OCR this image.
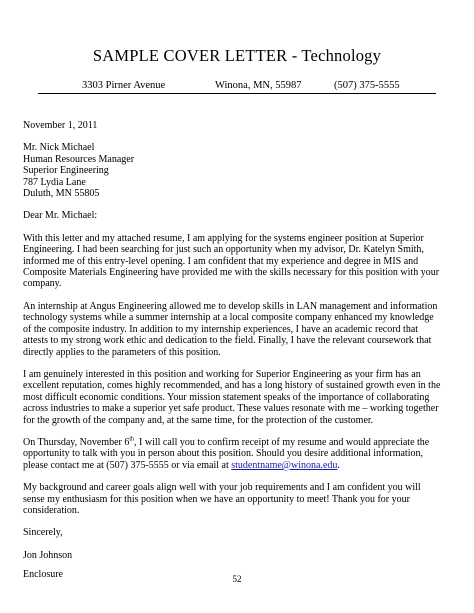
SAMPLE COVER LETTER - Technology
3303 Pirner Avenue	Winona, MN, 55987	(507) 375-5555

November 1, 2011

Mr. Nick Michael

Human Resources Manager

Superior Engineering

787 Lydia Lane

Duluth, MN 55805

Dear Mr. Michael:

With this letter and my attached resume, I am applying for the systems engineer position at Superior

Engineering. I had been searching for just such an opportunity when my advisor, Dr. Katelyn Smith,

informed me of this entry-level opening. I am confident that my experience and degree in MIS and

Composite Materials Engineering have provided me with the skills necessary for this position with your

company.

An internship at Angus Engineering allowed me to develop skills in LAN management and information

technology systems while a summer internship at a local composite company enhanced my knowledge

of the composite industry. In addition to my internship experiences, I have an academic record that

attests to my strong work ethic and dedication to the field. Finally, I have the relevant coursework that

directly applies to the parameters of this position.

I am genuinely interested in this position and working for Superior Engineering as your firm has an

excellent reputation, comes highly recommended, and has a long history of sustained growth even in the

most difficult economic conditions. Your mission statement speaks of the importance of collaborating

across industries to make a superior yet safe product. These values resonate with me – working together

for the growth of the company and, at the same time, for the protection of the customer.

On Thursday, November 6th, I will call you to confirm receipt of my resume and would appreciate the

opportunity to talk with you in person about this position. Should you desire additional information,

please contact me at (507) 375-5555 or via email at studentname@winona.edu.

My background and career goals align well with your job requirements and I am confident you will

sense my enthusiasm for this position when we have an opportunity to meet! Thank you for your

consideration.

Sincerely,

Jon Johnson

Enclosure	52
